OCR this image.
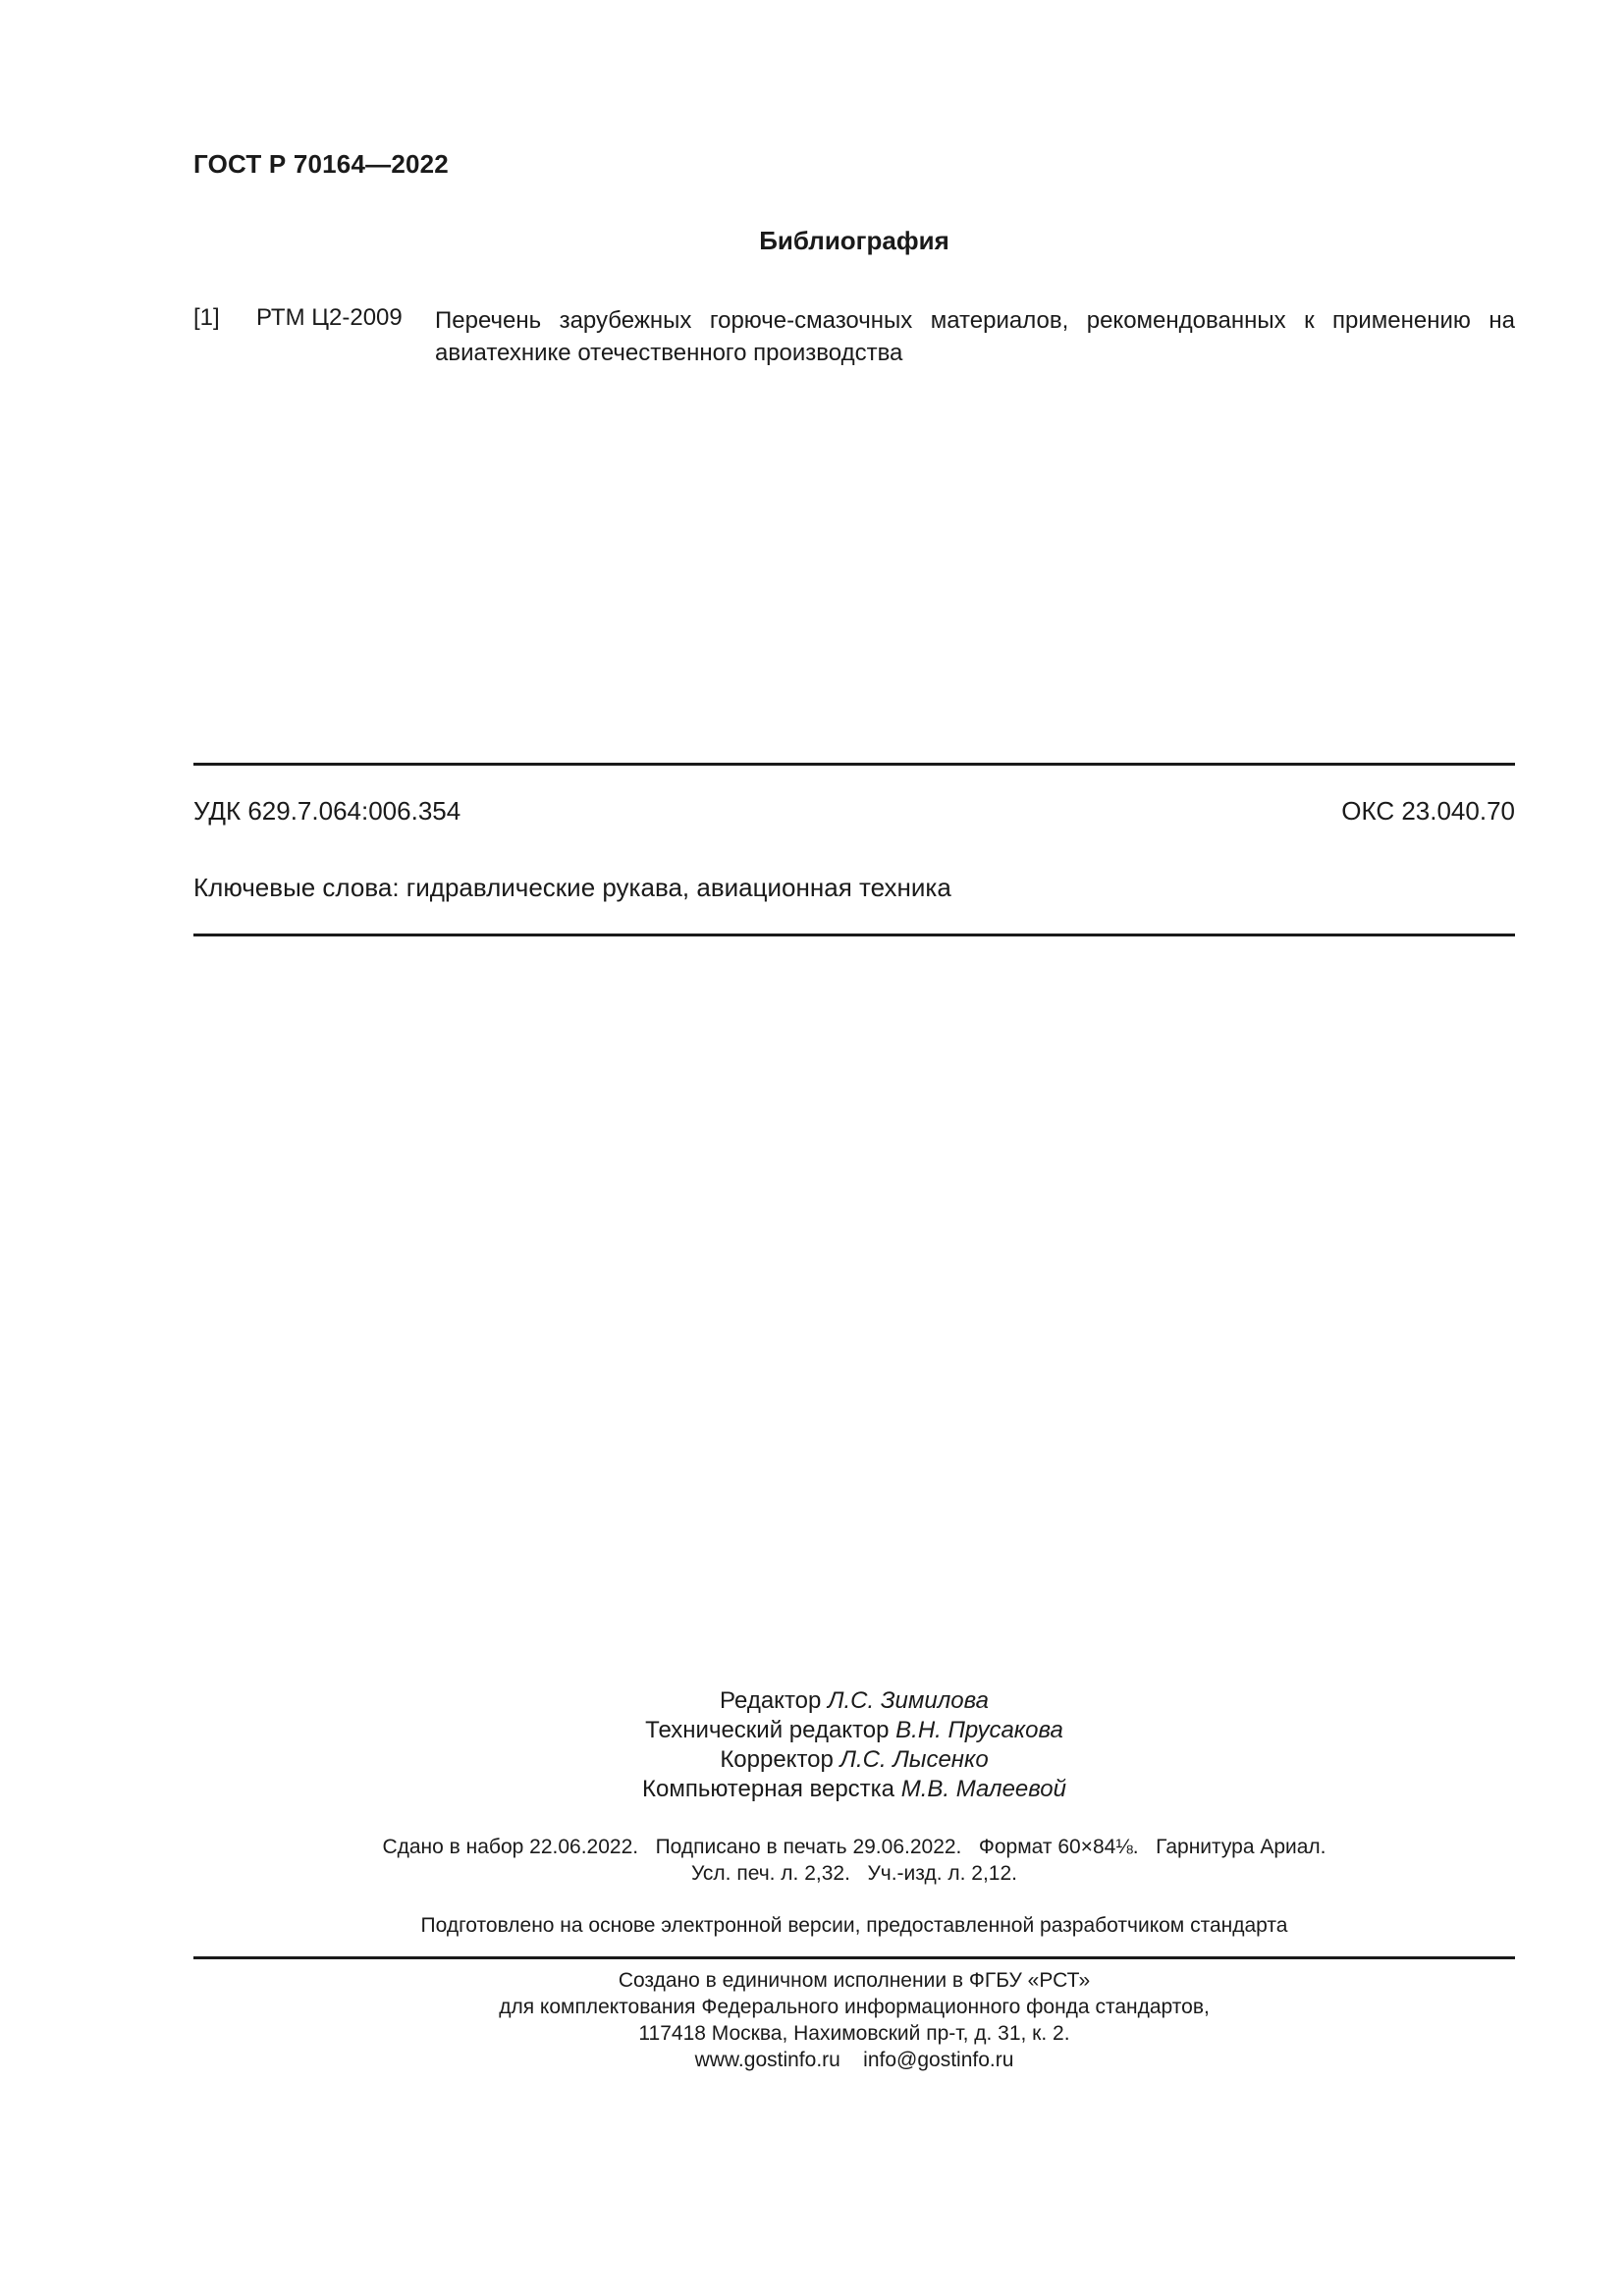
ГОСТ Р 70164—2022
Библиография
[1] РТМ Ц2-2009 Перечень зарубежных горюче-смазочных материалов, рекомендованных к применению на авиатехнике отечественного производства
УДК 629.7.064:006.354	ОКС 23.040.70
Ключевые слова: гидравлические рукава, авиационная техника
Редактор Л.С. Зимилова
Технический редактор В.Н. Прусакова
Корректор Л.С. Лысенко
Компьютерная верстка М.В. Малеевой
Сдано в набор 22.06.2022.   Подписано в печать 29.06.2022.   Формат 60×84⅛.   Гарнитура Ариал.
Усл. печ. л. 2,32.   Уч.-изд. л. 2,12.
Подготовлено на основе электронной версии, предоставленной разработчиком стандарта
Создано в единичном исполнении в ФГБУ «РСТ»
для комплектования Федерального информационного фонда стандартов,
117418 Москва, Нахимовский пр-т, д. 31, к. 2.
www.gostinfo.ru    info@gostinfo.ru
